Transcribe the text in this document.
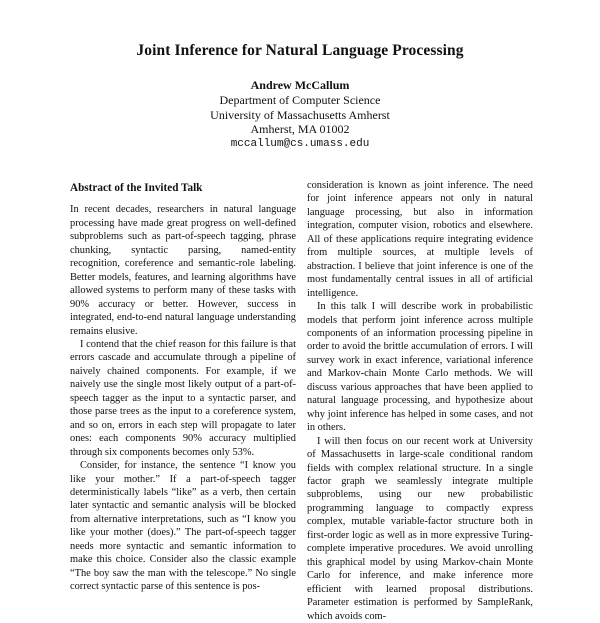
Joint Inference for Natural Language Processing
Andrew McCallum
Department of Computer Science
University of Massachusetts Amherst
Amherst, MA 01002
mccallum@cs.umass.edu
Abstract of the Invited Talk

In recent decades, researchers in natural language processing have made great progress on well-defined subproblems such as part-of-speech tagging, phrase chunking, syntactic parsing, named-entity recognition, coreference and semantic-role labeling. Better models, features, and learning algorithms have allowed systems to perform many of these tasks with 90% accuracy or better. However, success in integrated, end-to-end natural language understanding remains elusive.

I contend that the chief reason for this failure is that errors cascade and accumulate through a pipeline of naively chained components. For example, if we naively use the single most likely output of a part-of-speech tagger as the input to a syntactic parser, and those parse trees as the input to a coreference system, and so on, errors in each step will propagate to later ones: each components 90% accuracy multiplied through six components becomes only 53%.

Consider, for instance, the sentence “I know you like your mother.” If a part-of-speech tagger deterministically labels “like” as a verb, then certain later syntactic and semantic analysis will be blocked from alternative interpretations, such as “I know you like your mother (does).” The part-of-speech tagger needs more syntactic and semantic information to make this choice. Consider also the classic example “The boy saw the man with the telescope.” No single correct syntactic parse of this sentence is pos-

consideration is known as joint inference. The need for joint inference appears not only in natural language processing, but also in information integration, computer vision, robotics and elsewhere. All of these applications require integrating evidence from multiple sources, at multiple levels of abstraction. I believe that joint inference is one of the most fundamentally central issues in all of artificial intelligence.

In this talk I will describe work in probabilistic models that perform joint inference across multiple components of an information processing pipeline in order to avoid the brittle accumulation of errors. I will survey work in exact inference, variational inference and Markov-chain Monte Carlo methods. We will discuss various approaches that have been applied to natural language processing, and hypothesize about why joint inference has helped in some cases, and not in others.

I will then focus on our recent work at University of Massachusetts in large-scale conditional random fields with complex relational structure. In a single factor graph we seamlessly integrate multiple subproblems, using our new probabilistic programming language to compactly express complex, mutable variable-factor structure both in first-order logic as well as in more expressive Turing-complete imperative procedures. We avoid unrolling this graphical model by using Markov-chain Monte Carlo for inference, and make inference more efficient with learned proposal distributions. Parameter estimation is performed by SampleRank, which avoids com-
